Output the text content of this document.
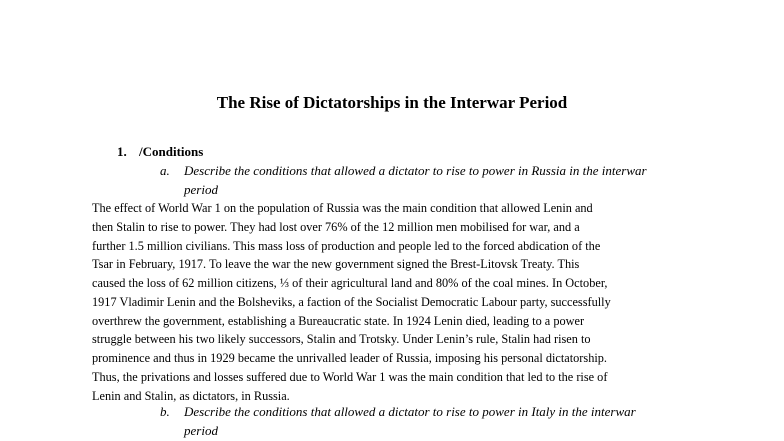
The Rise of Dictatorships in the Interwar Period
1. /Conditions
a. Describe the conditions that allowed a dictator to rise to power in Russia in the interwar
period
The effect of World War 1 on the population of Russia was the main condition that allowed Lenin and
then Stalin to rise to power. They had lost over 76% of the 12 million men mobilised for war, and a
further 1.5 million civilians. This mass loss of production and people led to the forced abdication of the
Tsar in February, 1917. To leave the war the new government signed the Brest-Litovsk Treaty. This
caused the loss of 62 million citizens, ⅓ of their agricultural land and 80% of the coal mines. In October,
1917 Vladimir Lenin and the Bolsheviks, a faction of the Socialist Democratic Labour party, successfully
overthrew the government, establishing a Bureaucratic state. In 1924 Lenin died, leading to a power
struggle between his two likely successors, Stalin and Trotsky. Under Lenin’s rule, Stalin had risen to
prominence and thus in 1929 became the unrivalled leader of Russia, imposing his personal dictatorship.
Thus, the privations and losses suffered due to World War 1 was the main condition that led to the rise of
Lenin and Stalin, as dictators, in Russia.
b. Describe the conditions that allowed a dictator to rise to power in Italy in the interwar
period
